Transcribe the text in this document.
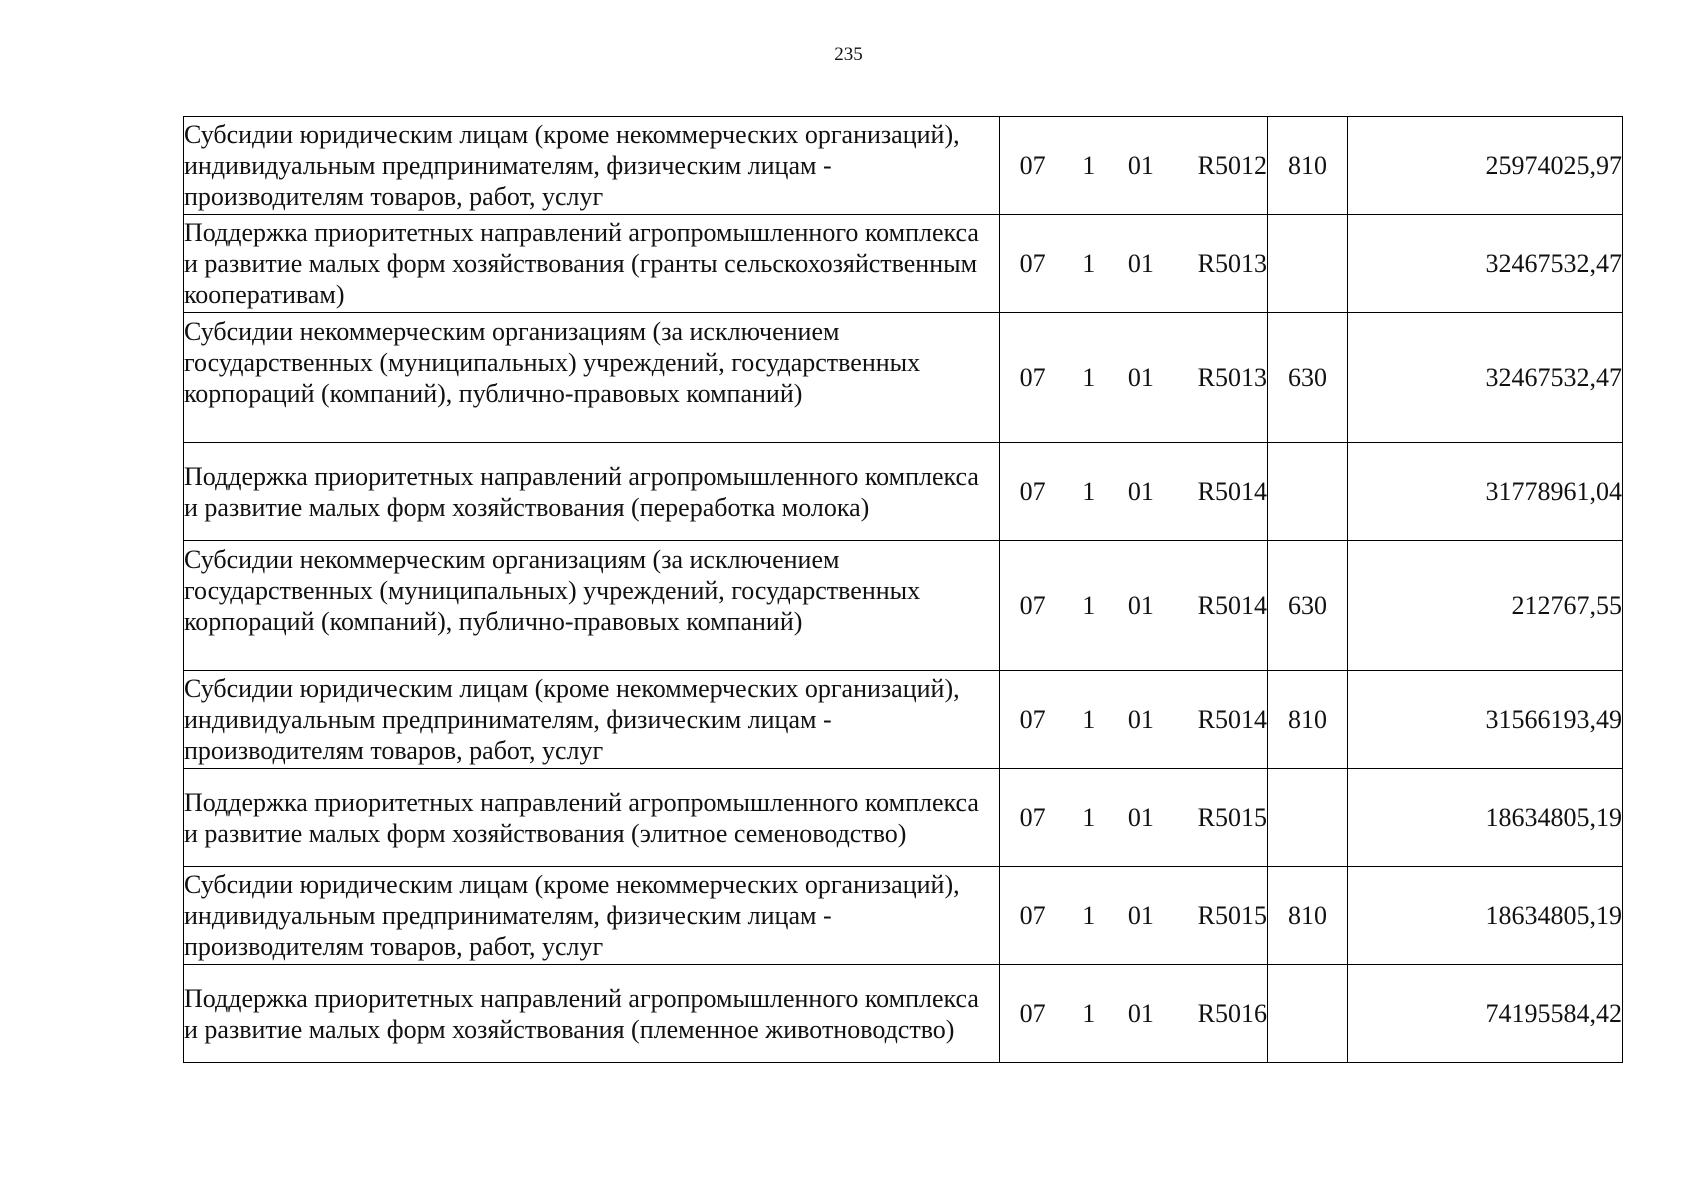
235
Субсидии юридическим лицам (кроме некоммерческих организаций), индивидуальным предпринимателям, физическим лицам - производителям товаров, работ, услуг	07 1 01 R5012	810	25974025,97
Поддержка приоритетных направлений агропромышленного комплекса и развитие малых форм хозяйствования (гранты сельскохозяйственным кооперативам)	07 1 01 R5013		32467532,47
Субсидии некоммерческим организациям (за исключением государственных (муниципальных) учреждений, государственных корпораций (компаний), публично-правовых компаний)	07 1 01 R5013	630	32467532,47
Поддержка приоритетных направлений агропромышленного комплекса и развитие малых форм хозяйствования (переработка молока)	07 1 01 R5014		31778961,04
Субсидии некоммерческим организациям (за исключением государственных (муниципальных) учреждений, государственных корпораций (компаний), публично-правовых компаний)	07 1 01 R5014	630	212767,55
Субсидии юридическим лицам (кроме некоммерческих организаций), индивидуальным предпринимателям, физическим лицам - производителям товаров, работ, услуг	07 1 01 R5014	810	31566193,49
Поддержка приоритетных направлений агропромышленного комплекса и развитие малых форм хозяйствования (элитное семеноводство)	07 1 01 R5015		18634805,19
Субсидии юридическим лицам (кроме некоммерческих организаций), индивидуальным предпринимателям, физическим лицам - производителям товаров, работ, услуг	07 1 01 R5015	810	18634805,19
Поддержка приоритетных направлений агропромышленного комплекса и развитие малых форм хозяйствования (племенное животноводство)	07 1 01 R5016		74195584,42
